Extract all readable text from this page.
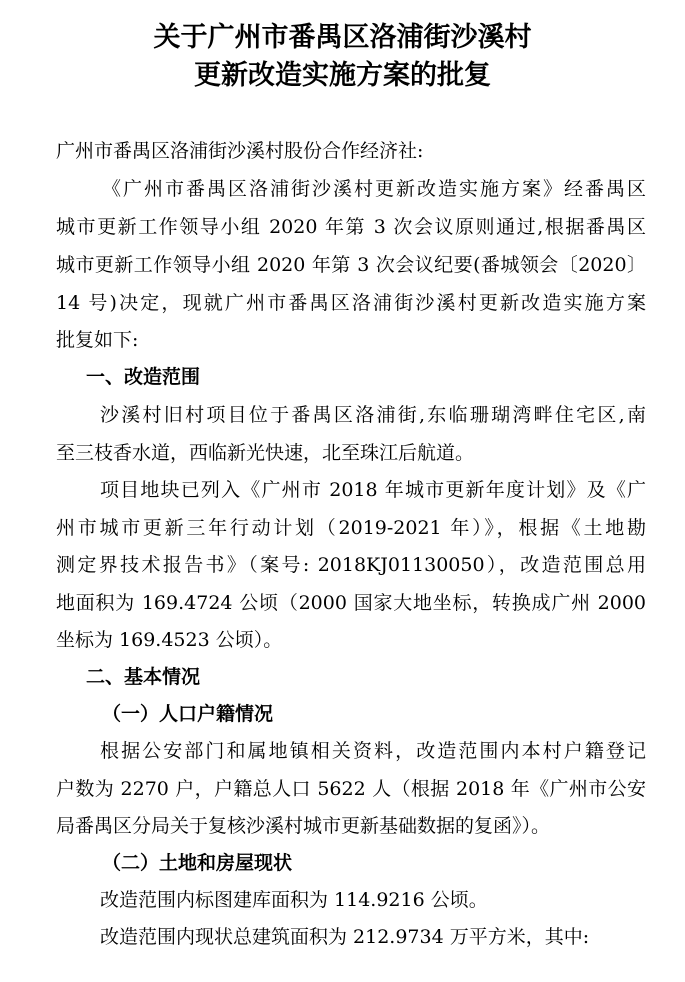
关于广州市番禺区洛浦街沙溪村
更新改造实施方案的批复

广州市番禺区洛浦街沙溪村股份合作经济社:

《广州市番禺区洛浦街沙溪村更新改造实施方案》经番禺区

城市更新工作领导小组 2020 年第 3 次会议原则通过,根据番禺区

城市更新工作领导小组 2020 年第 3 次会议纪要(番城领会〔2020〕

14 号)决定，现就广州市番禺区洛浦街沙溪村更新改造实施方案

批复如下:

一、改造范围

沙溪村旧村项目位于番禺区洛浦街,东临珊瑚湾畔住宅区,南

至三枝香水道，西临新光快速，北至珠江后航道。

项目地块已列入《广州市 2018 年城市更新年度计划》及《广

州市城市更新三年行动计划（2019-2021 年）》，根据《土地勘

测定界技术报告书》（案号: 2018KJ01130050），改造范围总用

地面积为 169.4724 公顷（2000 国家大地坐标，转换成广州 2000

坐标为 169.4523 公顷）。

二、基本情况

（一）人口户籍情况

根据公安部门和属地镇相关资料，改造范围内本村户籍登记

户数为 2270 户，户籍总人口 5622 人（根据 2018 年《广州市公安

局番禺区分局关于复核沙溪村城市更新基础数据的复函》）。

（二）土地和房屋现状

改造范围内标图建库面积为 114.9216 公顷。

改造范围内现状总建筑面积为 212.9734 万平方米，其中:
